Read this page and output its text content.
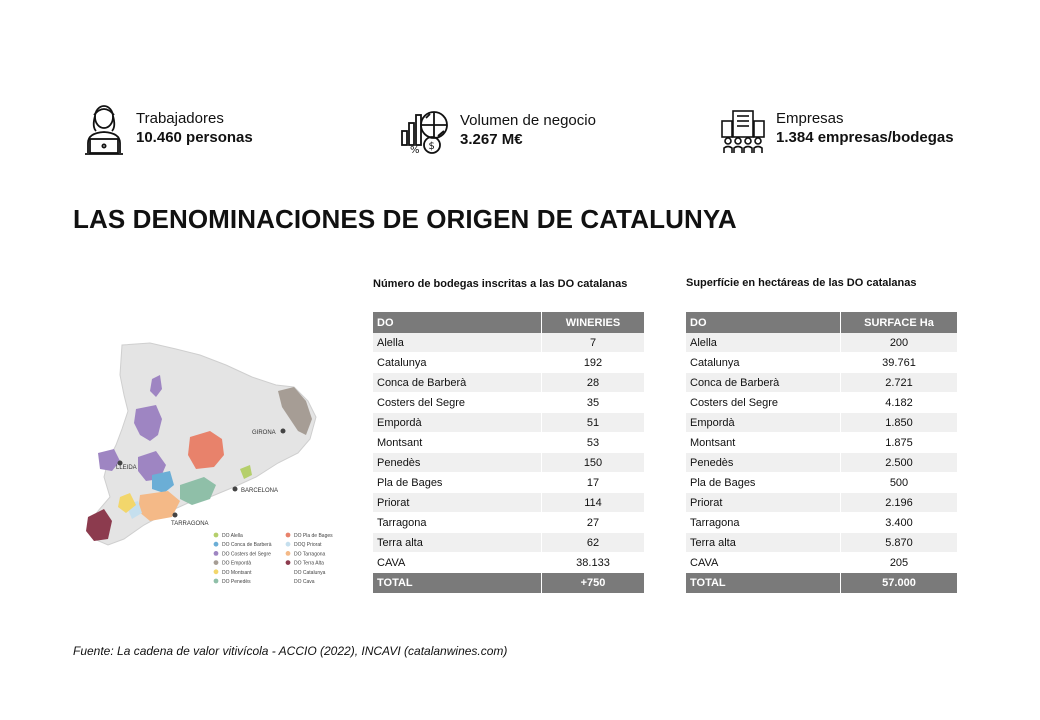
Trabajadores
10.460 personas
$
%
Volumen de negocio
3.267 M€
Empresas
1.384 empresas/bodegas
LAS DENOMINACIONES DE ORIGEN DE CATALUNYA
GIRONA
LLEIDA
BARCELONA
TARRAGONA
DO Alella
DO Conca de Barberà
DO Costers del Segre
DO Empordà
DO Montsant
DO Penedès
DO Pla de Bages
DOQ Priorat
DO Tarragona
DO Terra Alta
DO Catalunya
DO Cava
Número de bodegas inscritas a las DO catalanas
DO	WINERIES
Alella	7
Catalunya	192
Conca de Barberà	28
Costers del Segre	35
Empordà	51
Montsant	53
Penedès	150
Pla de Bages	17
Priorat	114
Tarragona	27
Terra alta	62
CAVA	38.133
TOTAL	+750
Superfície en hectáreas de las DO catalanas
DO	SURFACE Ha
Alella	200
Catalunya	39.761
Conca de Barberà	2.721
Costers del Segre	4.182
Empordà	1.850
Montsant	1.875
Penedès	2.500
Pla de Bages	500
Priorat	2.196
Tarragona	3.400
Terra alta	5.870
CAVA	205
TOTAL	57.000
Fuente: La cadena de valor vitivícola - ACCIO (2022), INCAVI (catalanwines.com)
